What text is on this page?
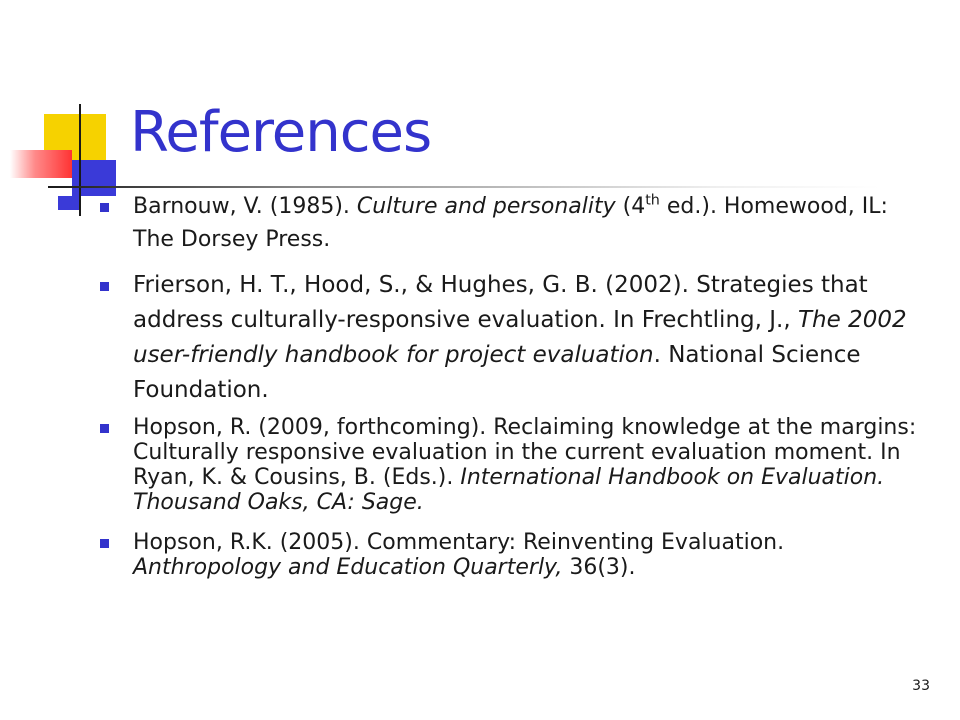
References
Barnouw, V. (1985). Culture and personality (4th ed.). Homewood, IL: The Dorsey Press.
Frierson, H. T., Hood, S., & Hughes, G. B. (2002). Strategies that address culturally-responsive evaluation. In Frechtling, J., The 2002 user-friendly handbook for project evaluation. National Science Foundation.
Hopson, R. (2009, forthcoming). Reclaiming knowledge at the margins: Culturally responsive evaluation in the current evaluation moment. In Ryan, K. & Cousins, B. (Eds.). International Handbook on Evaluation. Thousand Oaks, CA: Sage.
Hopson, R.K. (2005). Commentary: Reinventing Evaluation. Anthropology and Education Quarterly, 36(3).
33
